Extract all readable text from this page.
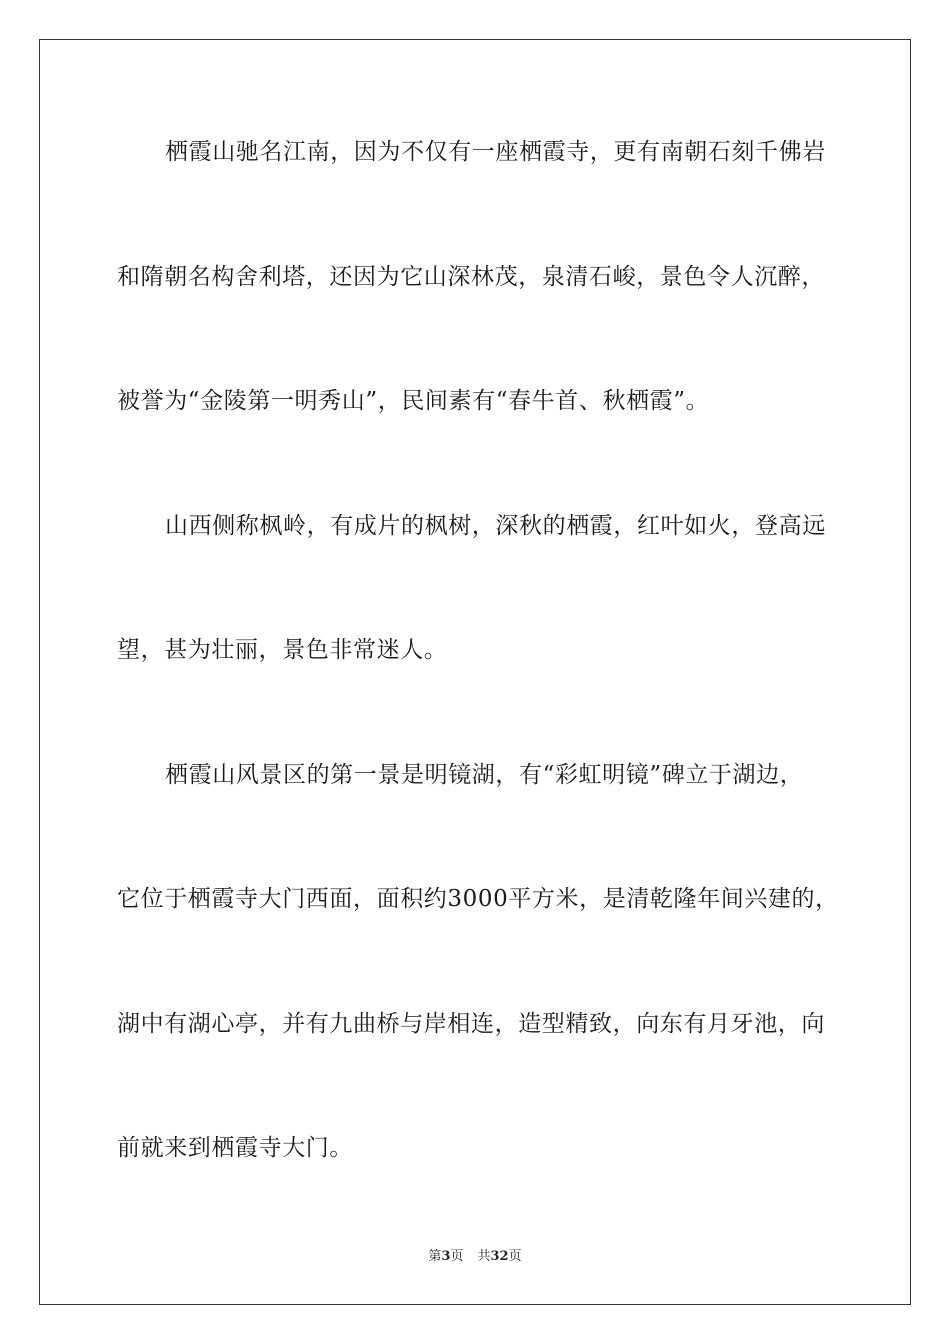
栖霞山驰名江南，因为不仅有一座栖霞寺，更有南朝石刻千佛岩
和隋朝名构舍利塔，还因为它山深林茂，泉清石峻，景色令人沉醉，
被誉为“金陵第一明秀山”，民间素有“春牛首、秋栖霞”。
山西侧称枫岭，有成片的枫树，深秋的栖霞，红叶如火，登高远
望，甚为壮丽，景色非常迷人。
栖霞山风景区的第一景是明镜湖，有“彩虹明镜”碑立于湖边，
它位于栖霞寺大门西面，面积约3000平方米，是清乾隆年间兴建的，
湖中有湖心亭，并有九曲桥与岸相连，造型精致，向东有月牙池，向
前就来到栖霞寺大门。
第3页 共32页
